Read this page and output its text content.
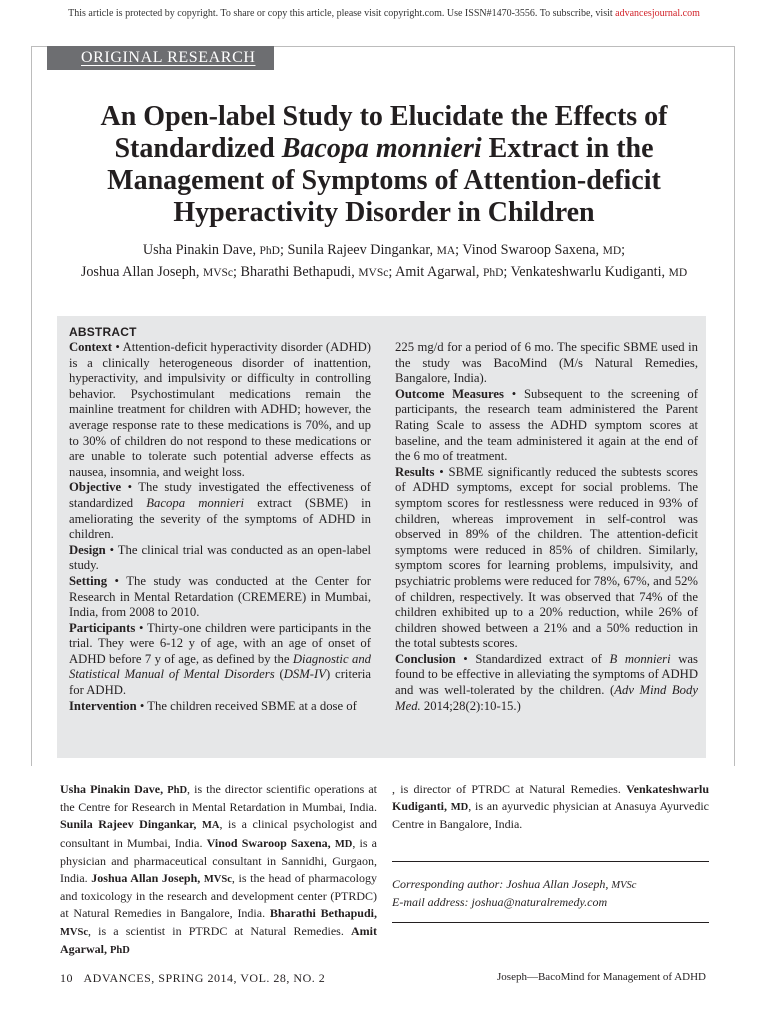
This article is protected by copyright. To share or copy this article, please visit copyright.com. Use ISSN#1470-3556. To subscribe, visit advancesjournal.com
ORIGINAL RESEARCH
An Open-label Study to Elucidate the Effects of Standardized Bacopa monnieri Extract in the Management of Symptoms of Attention-deficit Hyperactivity Disorder in Children

Usha Pinakin Dave, PhD; Sunila Rajeev Dingankar, MA; Vinod Swaroop Saxena, MD;
Joshua Allan Joseph, MVSc; Bharathi Bethapudi, MVSc; Amit Agarwal, PhD; Venkateshwarlu Kudiganti, MD

ABSTRACT

Context • Attention-deficit hyperactivity disorder (ADHD) is a clinically heterogeneous disorder of inattention, hyperactivity, and impulsivity or difficulty in controlling behavior. Psychostimulant medications remain the mainline treatment for children with ADHD; however, the average response rate to these medications is 70%, and up to 30% of children do not respond to these medications or are unable to tolerate such potential adverse effects as nausea, insomnia, and weight loss.

Objective • The study investigated the effectiveness of standardized Bacopa monnieri extract (SBME) in ameliorating the severity of the symptoms of ADHD in children.

Design • The clinical trial was conducted as an open-label study.

Setting • The study was conducted at the Center for Research in Mental Retardation (CREMERE) in Mumbai, India, from 2008 to 2010.

Participants • Thirty-one children were participants in the trial. They were 6-12 y of age, with an age of onset of ADHD before 7 y of age, as defined by the Diagnostic and Statistical Manual of Mental Disorders (DSM-IV) criteria for ADHD.

Intervention • The children received SBME at a dose of

225 mg/d for a period of 6 mo. The specific SBME used in the study was BacoMind (M/s Natural Remedies, Bangalore, India).

Outcome Measures • Subsequent to the screening of participants, the research team administered the Parent Rating Scale to assess the ADHD symptom scores at baseline, and the team administered it again at the end of the 6 mo of treatment.

Results • SBME significantly reduced the subtests scores of ADHD symptoms, except for social problems. The symptom scores for restlessness were reduced in 93% of children, whereas improvement in self-control was observed in 89% of the children. The attention-deficit symptoms were reduced in 85% of children. Similarly, symptom scores for learning problems, impulsivity, and psychiatric problems were reduced for 78%, 67%, and 52% of children, respectively. It was observed that 74% of the children exhibited up to a 20% reduction, while 26% of children showed between a 21% and a 50% reduction in the total subtests scores.

Conclusion • Standardized extract of B monnieri was found to be effective in alleviating the symptoms of ADHD and was well-tolerated by the children. (Adv Mind Body Med. 2014;28(2):10-15.)

Usha Pinakin Dave, PhD, is the director scientific operations at the Centre for Research in Mental Retardation in Mumbai, India. Sunila Rajeev Dingankar, MA, is a clinical psychologist and consultant in Mumbai, India. Vinod Swaroop Saxena, MD, is a physician and pharmaceutical consultant in Sannidhi, Gurgaon, India. Joshua Allan Joseph, MVSc, is the head of pharmacology and toxicology in the research and development center (PTRDC) at Natural Remedies in Bangalore, India. Bharathi Bethapudi, MVSc, is a scientist in PTRDC at Natural Remedies. Amit Agarwal, PhD
, is director of PTRDC at Natural Remedies. Venkateshwarlu Kudiganti, MD, is an ayurvedic physician at Anasuya Ayurvedic Centre in Bangalore, India.

Corresponding author: Joshua Allan Joseph, MVSc
E-mail address: joshua@naturalremedy.com

10 ADVANCES, SPRING 2014, VOL. 28, NO. 2	Joseph—BacoMind for Management of ADHD
